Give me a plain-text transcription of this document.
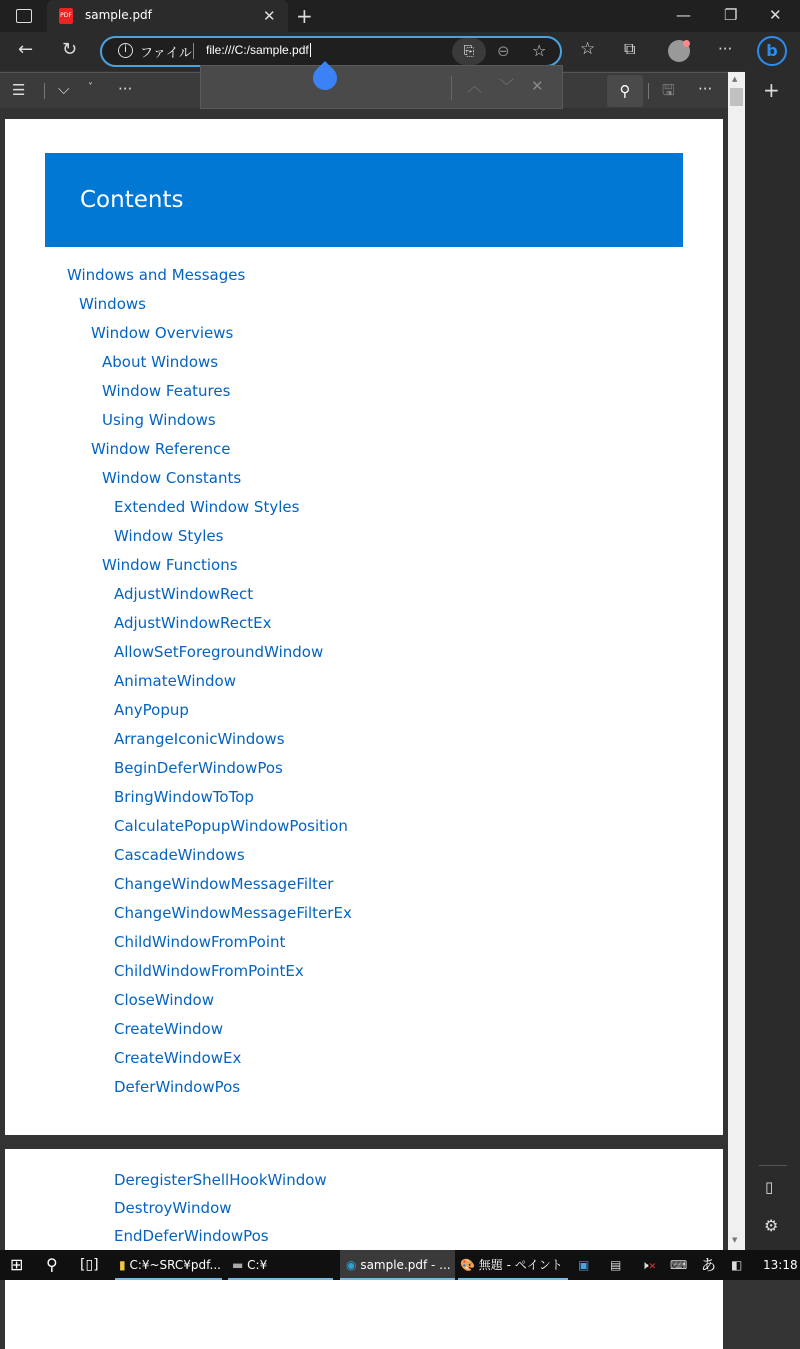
PDF sample.pdf	✕ +	— ❐ ✕
← ↻	i	ファイル file:///C:/sample.pdf	⎘	⊖ ☆ ☆ ⧉	···
☰ ⌵ ˅ ···	⚲	🖫 ···
Contents
Windows and Messages
Windows
Window Overviews
About Windows
Window Features
Using Windows
Window Reference
Window Constants
Extended Window Styles
Window Styles
Window Functions
AdjustWindowRect
AdjustWindowRectEx
AllowSetForegroundWindow
AnimateWindow
AnyPopup
ArrangeIconicWindows
BeginDeferWindowPos
BringWindowToTop
CalculatePopupWindowPosition
CascadeWindows
ChangeWindowMessageFilter
ChangeWindowMessageFilterEx
ChildWindowFromPoint
ChildWindowFromPointEx
CloseWindow
CreateWindow
CreateWindowEx
DeferWindowPos
DeregisterShellHookWindow
DestroyWindow
EndDeferWindowPos
︿ ﹀ ✕	▲
▼
+
▯
⚙
b
⊞ ⚲ [▯]	▮ C:¥~SRC¥pdf... ▬ C:¥	◉ sample.pdf - ... 🎨 無題 - ペイント	▣ ▤ 🕨✕ ⌨ あ ◧ 13:18
